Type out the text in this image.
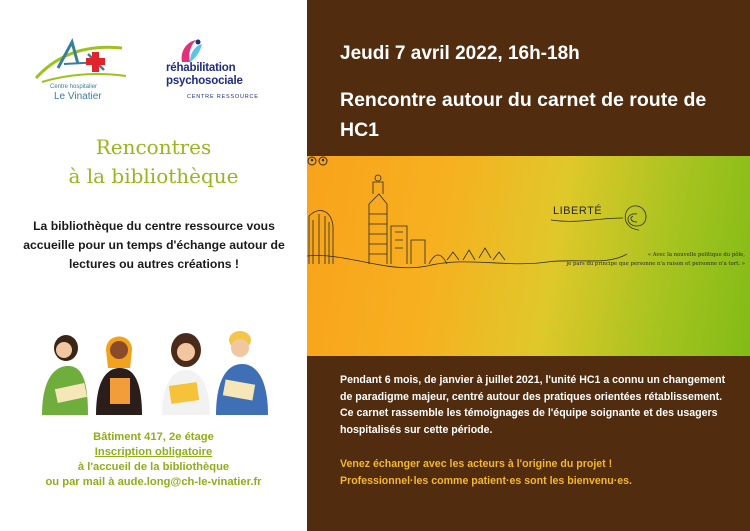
Centre hospitalier
Le Vinatier
réhabilitation
psychosociale
CENTRE RESSOURCE
Rencontres
à la bibliothèque
La bibliothèque du centre ressource vous accueille pour un temps d'échange autour de lectures ou autres créations !
Bâtiment 417, 2e étage
Inscription obligatoire
à l'accueil de la bibliothèque
ou par mail à aude.long@ch-le-vinatier.fr
Jeudi 7 avril 2022, 16h-18h
Rencontre autour du carnet de route de HC1
LIBERTÉ
« Avec la nouvelle politique du pôle,
je pars du principe que personne n'a raison et personne n'a tort. »
Pendant 6 mois, de janvier à juillet 2021, l'unité HC1 a connu un changement de paradigme majeur, centré autour des pratiques orientées rétablissement. Ce carnet rassemble les témoignages de l'équipe soignante et des usagers hospitalisés sur cette période.
Venez échanger avec les acteurs à l'origine du projet !
Professionnel·les comme patient·es sont les bienvenu·es.
